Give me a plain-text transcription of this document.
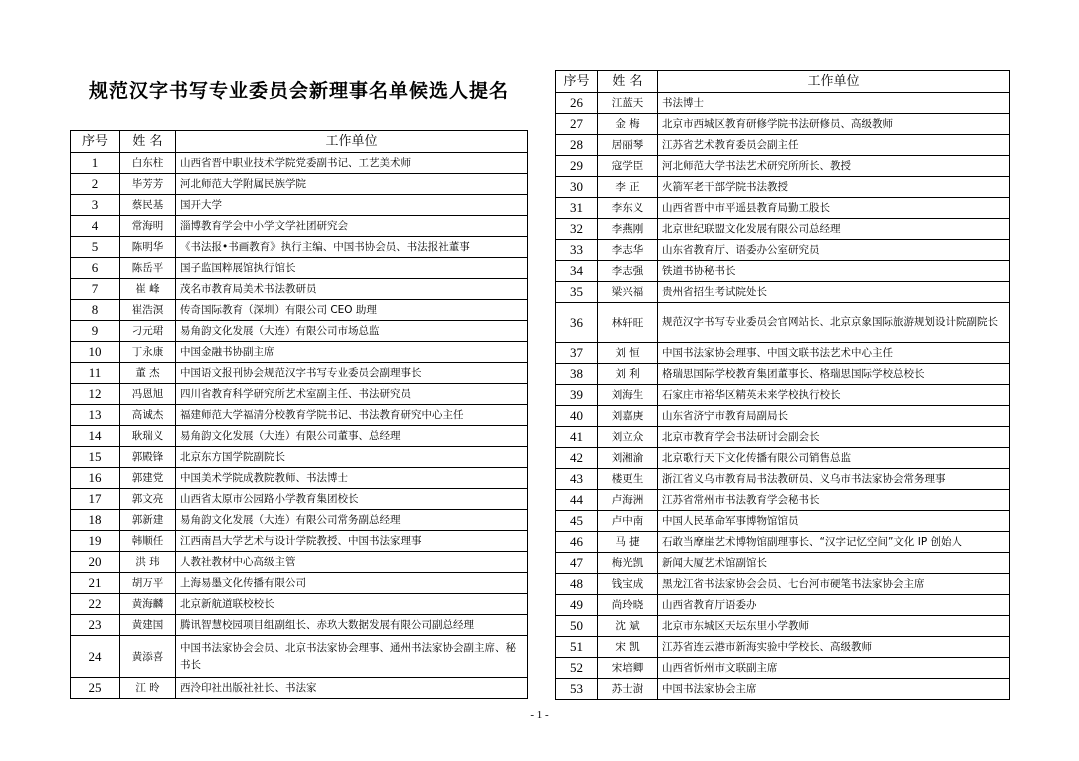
规范汉字书写专业委员会新理事名单候选人提名
序号	姓 名	工作单位
1	白东柱	山西省晋中职业技术学院党委副书记、工艺美术师
2	毕芳芳	河北师范大学附属民族学院
3	蔡民基	国开大学
4	常海明	淄博教育学会中小学文学社团研究会
5	陈明华	《书法报•书画教育》执行主编、中国书协会员、书法报社董事
6	陈岳平	国子监国粹展馆执行馆长
7	崔 峰	茂名市教育局美术书法教研员
8	崔浩溟	传奇国际教育（深圳）有限公司 CEO 助理
9	刁元珺	易角韵文化发展（大连）有限公司市场总监
10	丁永康	中国金融书协副主席
11	董 杰	中国语文报刊协会规范汉字书写专业委员会副理事长
12	冯恩旭	四川省教育科学研究所艺术室副主任、书法研究员
13	高诚杰	福建师范大学福清分校教育学院书记、书法教育研究中心主任
14	耿瑞义	易角韵文化发展（大连）有限公司董事、总经理
15	郭殿锋	北京东方国学院副院长
16	郭建党	中国美术学院成教院教师、书法博士
17	郭文亮	山西省太原市公园路小学教育集团校长
18	郭新建	易角韵文化发展（大连）有限公司常务副总经理
19	韩顺任	江西南昌大学艺术与设计学院教授、中国书法家理事
20	洪 玮	人教社教材中心高级主管
21	胡万平	上海易墨文化传播有限公司
22	黄海麟	北京新航道联校校长
23	黄建国	腾讯智慧校园项目组副组长、赤玖大数据发展有限公司副总经理
24	黄添喜	中国书法家协会会员、北京书法家协会理事、通州书法家协会副主席、秘书长
25	江 昤	西泠印社出版社社长、书法家
序号	姓 名	工作单位
26	江蓝天	书法博士
27	金 梅	北京市西城区教育研修学院书法研修员、高级教师
28	居丽琴	江苏省艺术教育委员会副主任
29	寇学臣	河北师范大学书法艺术研究所所长、教授
30	李 正	火箭军老干部学院书法教授
31	李东义	山西省晋中市平遥县教育局勤工股长
32	李燕刚	北京世纪联盟文化发展有限公司总经理
33	李志华	山东省教育厅、语委办公室研究员
34	李志强	铁道书协秘书长
35	梁兴福	贵州省招生考试院处长
36	林轩旺	规范汉字书写专业委员会官网站长、北京京象国际旅游规划设计院副院长
37	刘 恒	中国书法家协会理事、中国文联书法艺术中心主任
38	刘 利	格瑞思国际学校教育集团董事长、格瑞思国际学校总校长
39	刘海生	石家庄市裕华区精英未来学校执行校长
40	刘嘉庚	山东省济宁市教育局副局长
41	刘立众	北京市教育学会书法研讨会副会长
42	刘湘渝	北京歌行天下文化传播有限公司销售总监
43	楼更生	浙江省义乌市教育局书法教研员、义乌市书法家协会常务理事
44	卢海洲	江苏省常州市书法教育学会秘书长
45	卢中南	中国人民革命军事博物馆馆员
46	马 捷	石敢当摩崖艺术博物馆副理事长、“汉字记忆空间”文化 IP 创始人
47	梅光凯	新闻大厦艺术馆副馆长
48	钱宝成	黑龙江省书法家协会会员、七台河市硬笔书法家协会主席
49	尚玲晓	山西省教育厅语委办
50	沈 斌	北京市东城区天坛东里小学教师
51	宋 凯	江苏省连云港市新海实验中学校长、高级教师
52	宋培卿	山西省忻州市文联副主席
53	苏士澍	中国书法家协会主席
- 1 -
